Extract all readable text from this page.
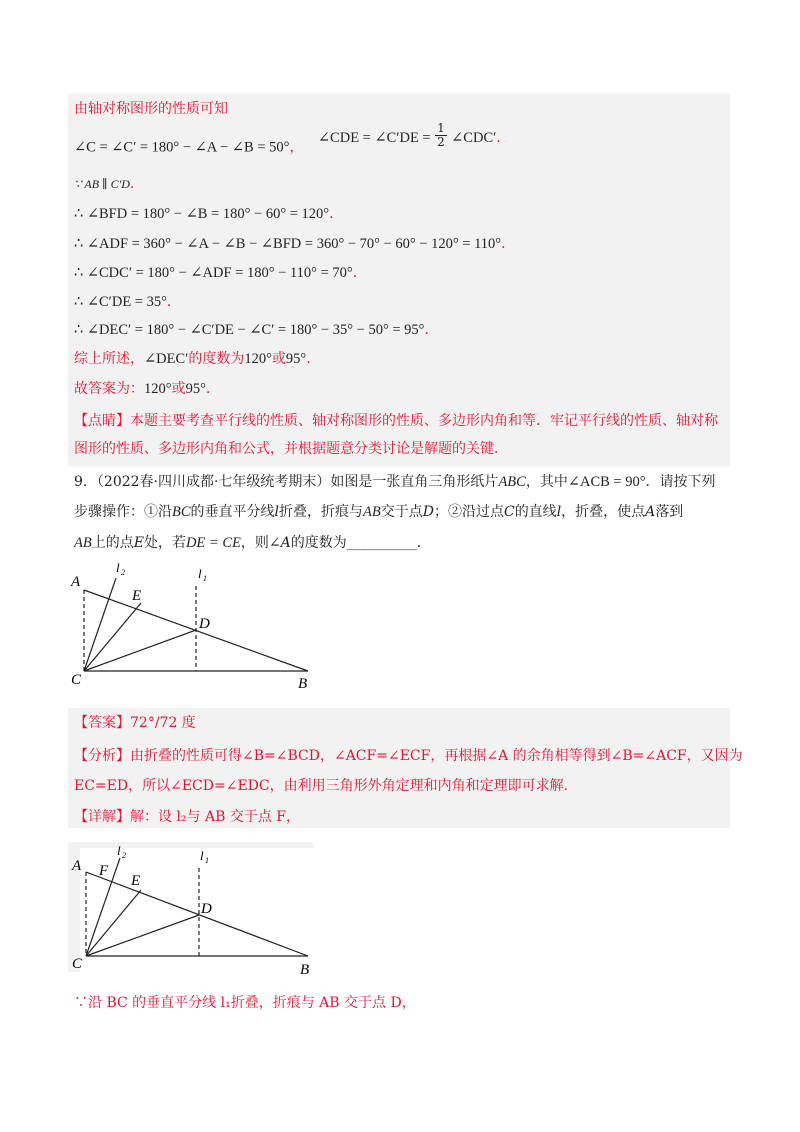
由轴对称图形的性质可知
∠C = ∠C′ = 180° − ∠A − ∠B = 50°， ∠CDE = ∠C′DE = $\frac{1}{2}$ ∠CDC′.
∵ AB ∥ C′D.
∴ ∠BFD = 180° − ∠B = 180° − 60° = 120°．
∴ ∠ADF = 360° − ∠A − ∠B − ∠BFD = 360° − 70° − 60° − 120° = 110°．
∴ ∠CDC′ = 180° − ∠ADF = 180° − 110° = 70°．
∴ ∠C′DE = 35°．
∴ ∠DEC′ = 180° − ∠C′DE − ∠C′ = 180° − 35° − 50° = 95°．
综上所述，∠DEC′的度数为120°或95°.
故答案为：120°或95°.
【点睛】本题主要考查平行线的性质、轴对称图形的性质、多边形内角和等．牢记平行线的性质、轴对称
图形的性质、多边形内角和公式，并根据题意分类讨论是解题的关键．
9．（2022春·四川成都·七年级统考期末）如图是一张直角三角形纸片ABC，其中∠ACB = 90°．请按下列
步骤操作：①沿BC的垂直平分线l折叠，折痕与AB交于点D；②沿过点C的直线l，折叠，使点A落到
AB上的点E处，若DE = CE，则∠A的度数为__________．
A
l 2
E
l 1
D
C	B
【答案】72°/72 度
【分析】由折叠的性质可得∠B=∠BCD，∠ACF=∠ECF，再根据∠A 的余角相等得到∠B=∠ACF，又因为
EC=ED，所以∠ECD=∠EDC，由利用三角形外角定理和内角和定理即可求解．
【详解】解：设 l₂与 AB 交于点 F，
A F
l 2
E
l 1
D
C	B
∵沿 BC 的垂直平分线 l₁折叠，折痕与 AB 交于点 D，
